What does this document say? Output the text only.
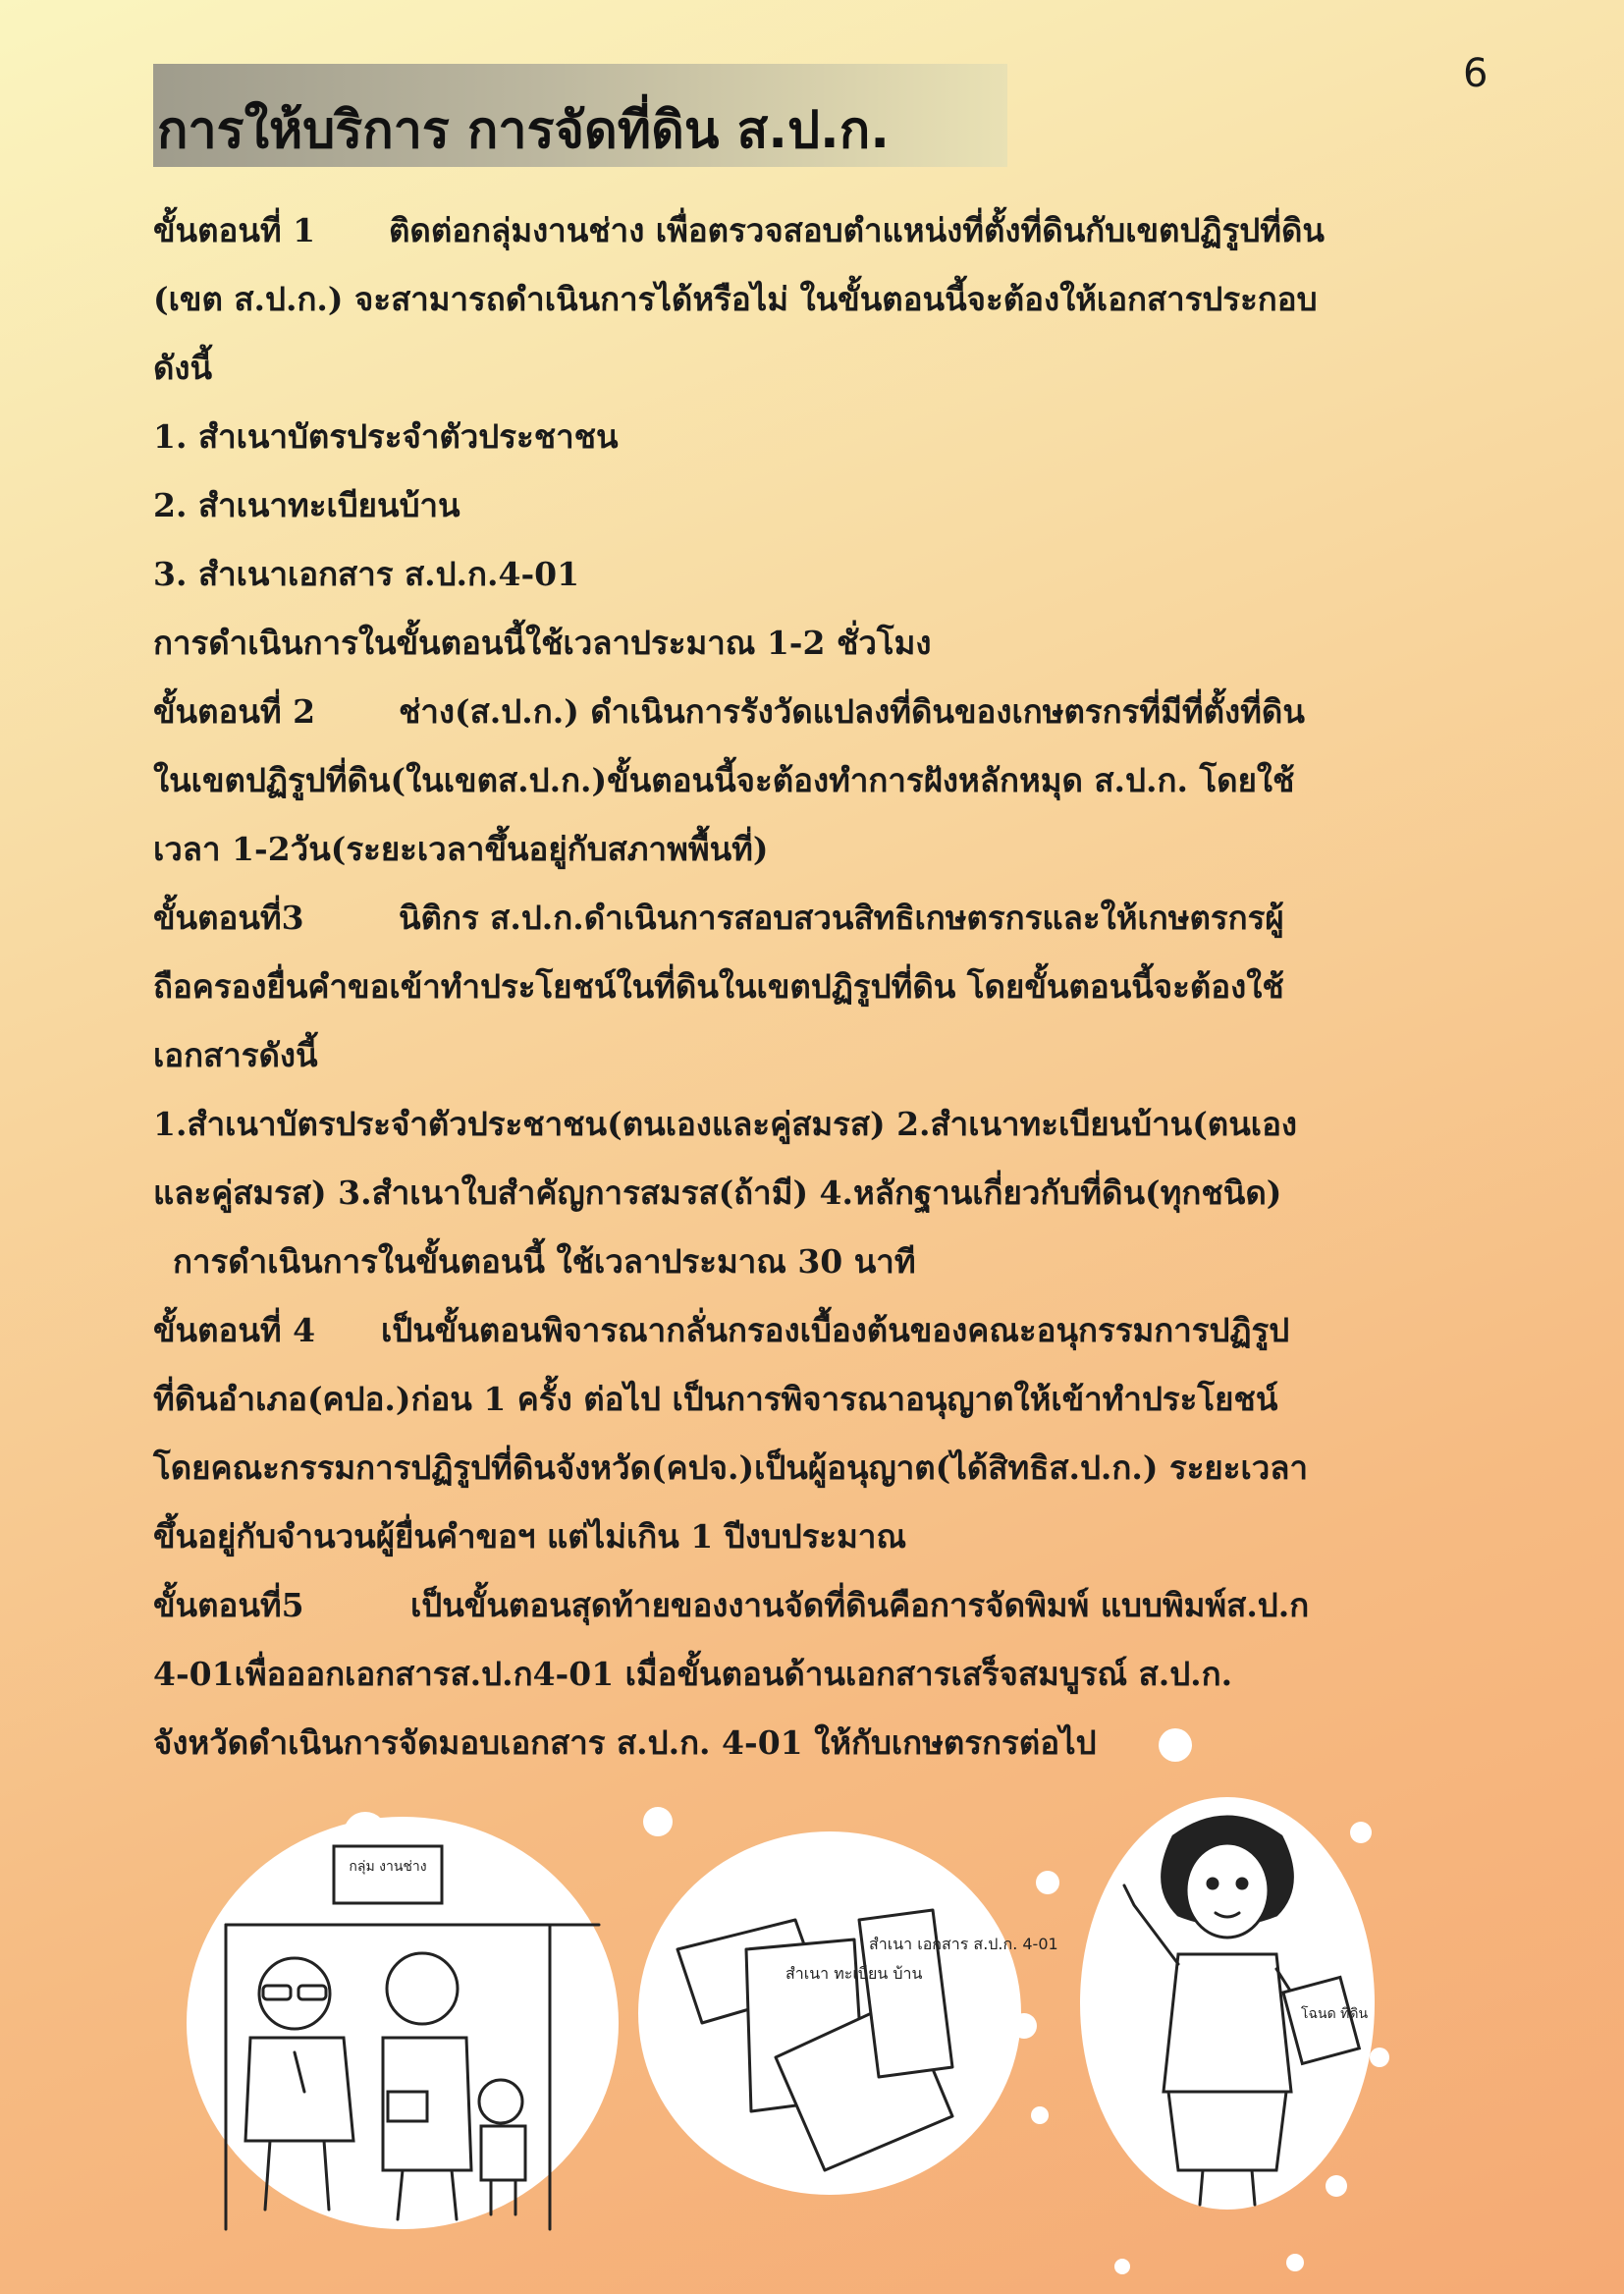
การให้บริการ การจัดที่ดิน ส.ป.ก.
6
ขั้นตอนที่ 1 ติดต่อกลุ่มงานช่าง เพื่อตรวจสอบตำแหน่งที่ตั้งที่ดินกับเขตปฏิรูปที่ดิน
(เขต ส.ป.ก.) จะสามารถดำเนินการได้หรือไม่ ในขั้นตอนนี้จะต้องให้เอกสารประกอบ
ดังนี้
1. สำเนาบัตรประจำตัวประชาชน
2. สำเนาทะเบียนบ้าน
3. สำเนาเอกสาร ส.ป.ก.4-01
การดำเนินการในขั้นตอนนี้ใช้เวลาประมาณ 1-2 ชั่วโมง
ขั้นตอนที่ 2	ช่าง(ส.ป.ก.) ดำเนินการรังวัดแปลงที่ดินของเกษตรกรที่มีที่ตั้งที่ดิน
ในเขตปฏิรูปที่ดิน(ในเขตส.ป.ก.)ขั้นตอนนี้จะต้องทำการฝังหลักหมุด ส.ป.ก. โดยใช้
เวลา 1-2วัน(ระยะเวลาขึ้นอยู่กับสภาพพื้นที่)
ขั้นตอนที่3	นิติกร ส.ป.ก.ดำเนินการสอบสวนสิทธิเกษตรกรและให้เกษตรกรผู้
ถือครองยื่นคำขอเข้าทำประโยชน์ในที่ดินในเขตปฏิรูปที่ดิน โดยขั้นตอนนี้จะต้องใช้
เอกสารดังนี้
1.สำเนาบัตรประจำตัวประชาชน(ตนเองและคู่สมรส) 2.สำเนาทะเบียนบ้าน(ตนเอง
และคู่สมรส) 3.สำเนาใบสำคัญการสมรส(ถ้ามี) 4.หลักฐานเกี่ยวกับที่ดิน(ทุกชนิด)
การดำเนินการในขั้นตอนนี้ ใช้เวลาประมาณ 30 นาที
ขั้นตอนที่ 4 เป็นขั้นตอนพิจารณากลั่นกรองเบื้องต้นของคณะอนุกรรมการปฏิรูป
ที่ดินอำเภอ(คปอ.)ก่อน 1 ครั้ง ต่อไป เป็นการพิจารณาอนุญาตให้เข้าทำประโยชน์
โดยคณะกรรมการปฏิรูปที่ดินจังหวัด(คปจ.)เป็นผู้อนุญาต(ได้สิทธิส.ป.ก.) ระยะเวลา
ขึ้นอยู่กับจำนวนผู้ยื่นคำขอฯ แต่ไม่เกิน 1 ปีงบประมาณ
ขั้นตอนที่5	เป็นขั้นตอนสุดท้ายของงานจัดที่ดินคือการจัดพิมพ์ แบบพิมพ์ส.ป.ก
4-01เพื่อออกเอกสารส.ป.ก4-01 เมื่อขั้นตอนด้านเอกสารเสร็จสมบูรณ์ ส.ป.ก.
จังหวัดดำเนินการจัดมอบเอกสาร ส.ป.ก. 4-01 ให้กับเกษตรกรต่อไป
กลุ่ม งานช่าง
สำเนา ทะเบียน บ้าน
สำเนา เอกสาร ส.ป.ก. 4-01
โฉนด ที่ดิน
